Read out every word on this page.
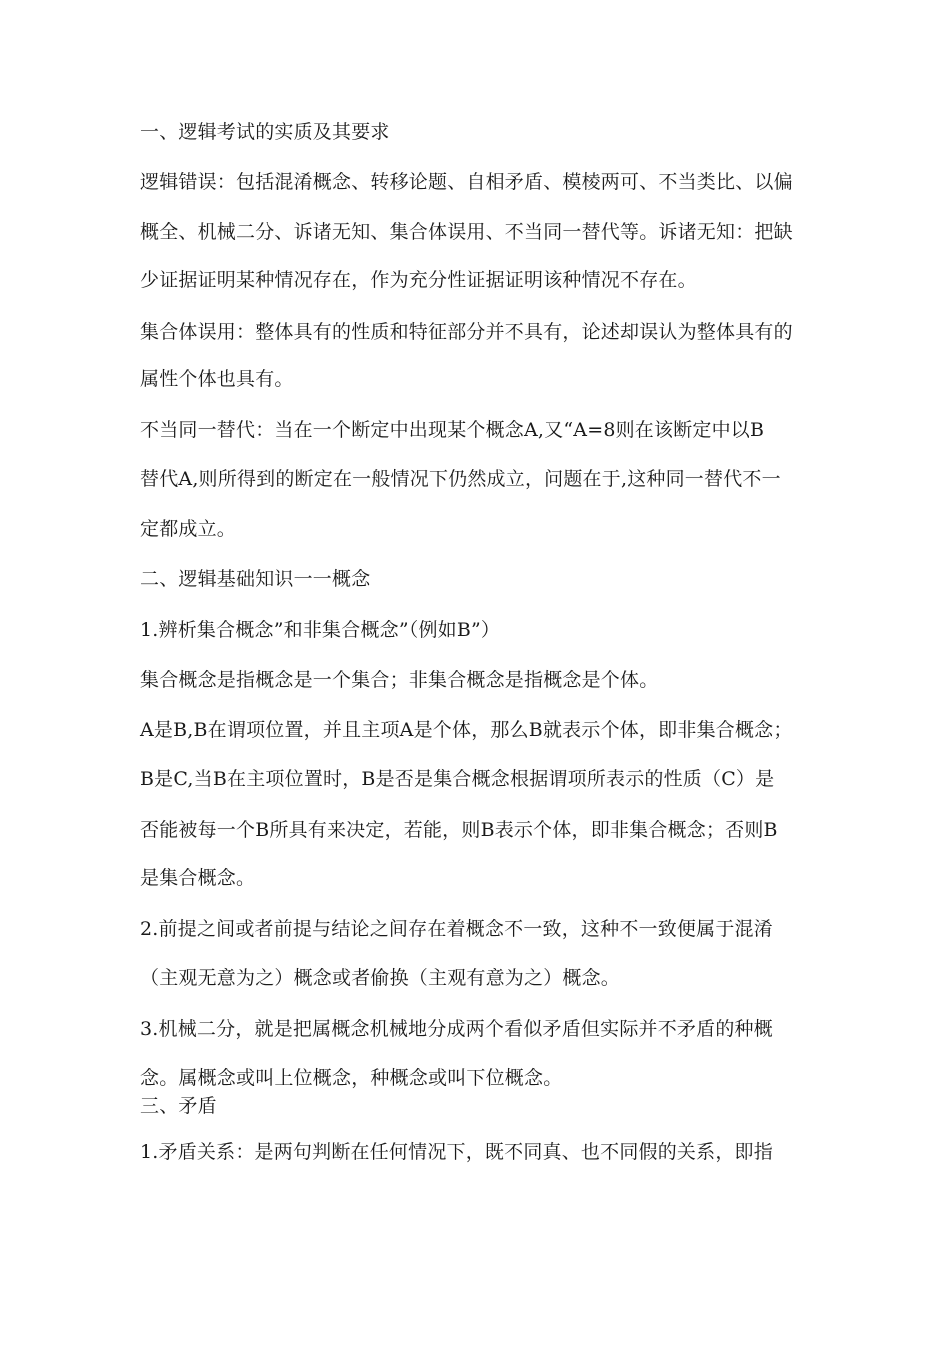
一、逻辑考试的实质及其要求

逻辑错误：包括混淆概念、转移论题、自相矛盾、模棱两可、不当类比、以偏

概全、机械二分、诉诸无知、集合体误用、不当同一替代等。诉诸无知：把缺

少证据证明某种情况存在，作为充分性证据证明该种情况不存在。

集合体误用：整体具有的性质和特征部分并不具有，论述却误认为整体具有的

属性个体也具有。

不当同一替代：当在一个断定中出现某个概念A,又“A=8则在该断定中以B

替代A,则所得到的断定在一般情况下仍然成立，问题在于,这种同一替代不一

定都成立。

二、逻辑基础知识一一概念

1.辨析集合概念”和非集合概念”（例如B”）

集合概念是指概念是一个集合；非集合概念是指概念是个体。

A是B,B在谓项位置，并且主项A是个体，那么B就表示个体，即非集合概念；

B是C,当B在主项位置时，B是否是集合概念根据谓项所表示的性质（C）是

否能被每一个B所具有来决定，若能，则B表示个体，即非集合概念；否则B

是集合概念。

2.前提之间或者前提与结论之间存在着概念不一致，这种不一致便属于混淆

（主观无意为之）概念或者偷换（主观有意为之）概念。

3.机械二分，就是把属概念机械地分成两个看似矛盾但实际并不矛盾的种概

念。属概念或叫上位概念，种概念或叫下位概念。

三、矛盾

1.矛盾关系：是两句判断在任何情况下，既不同真、也不同假的关系，即指
